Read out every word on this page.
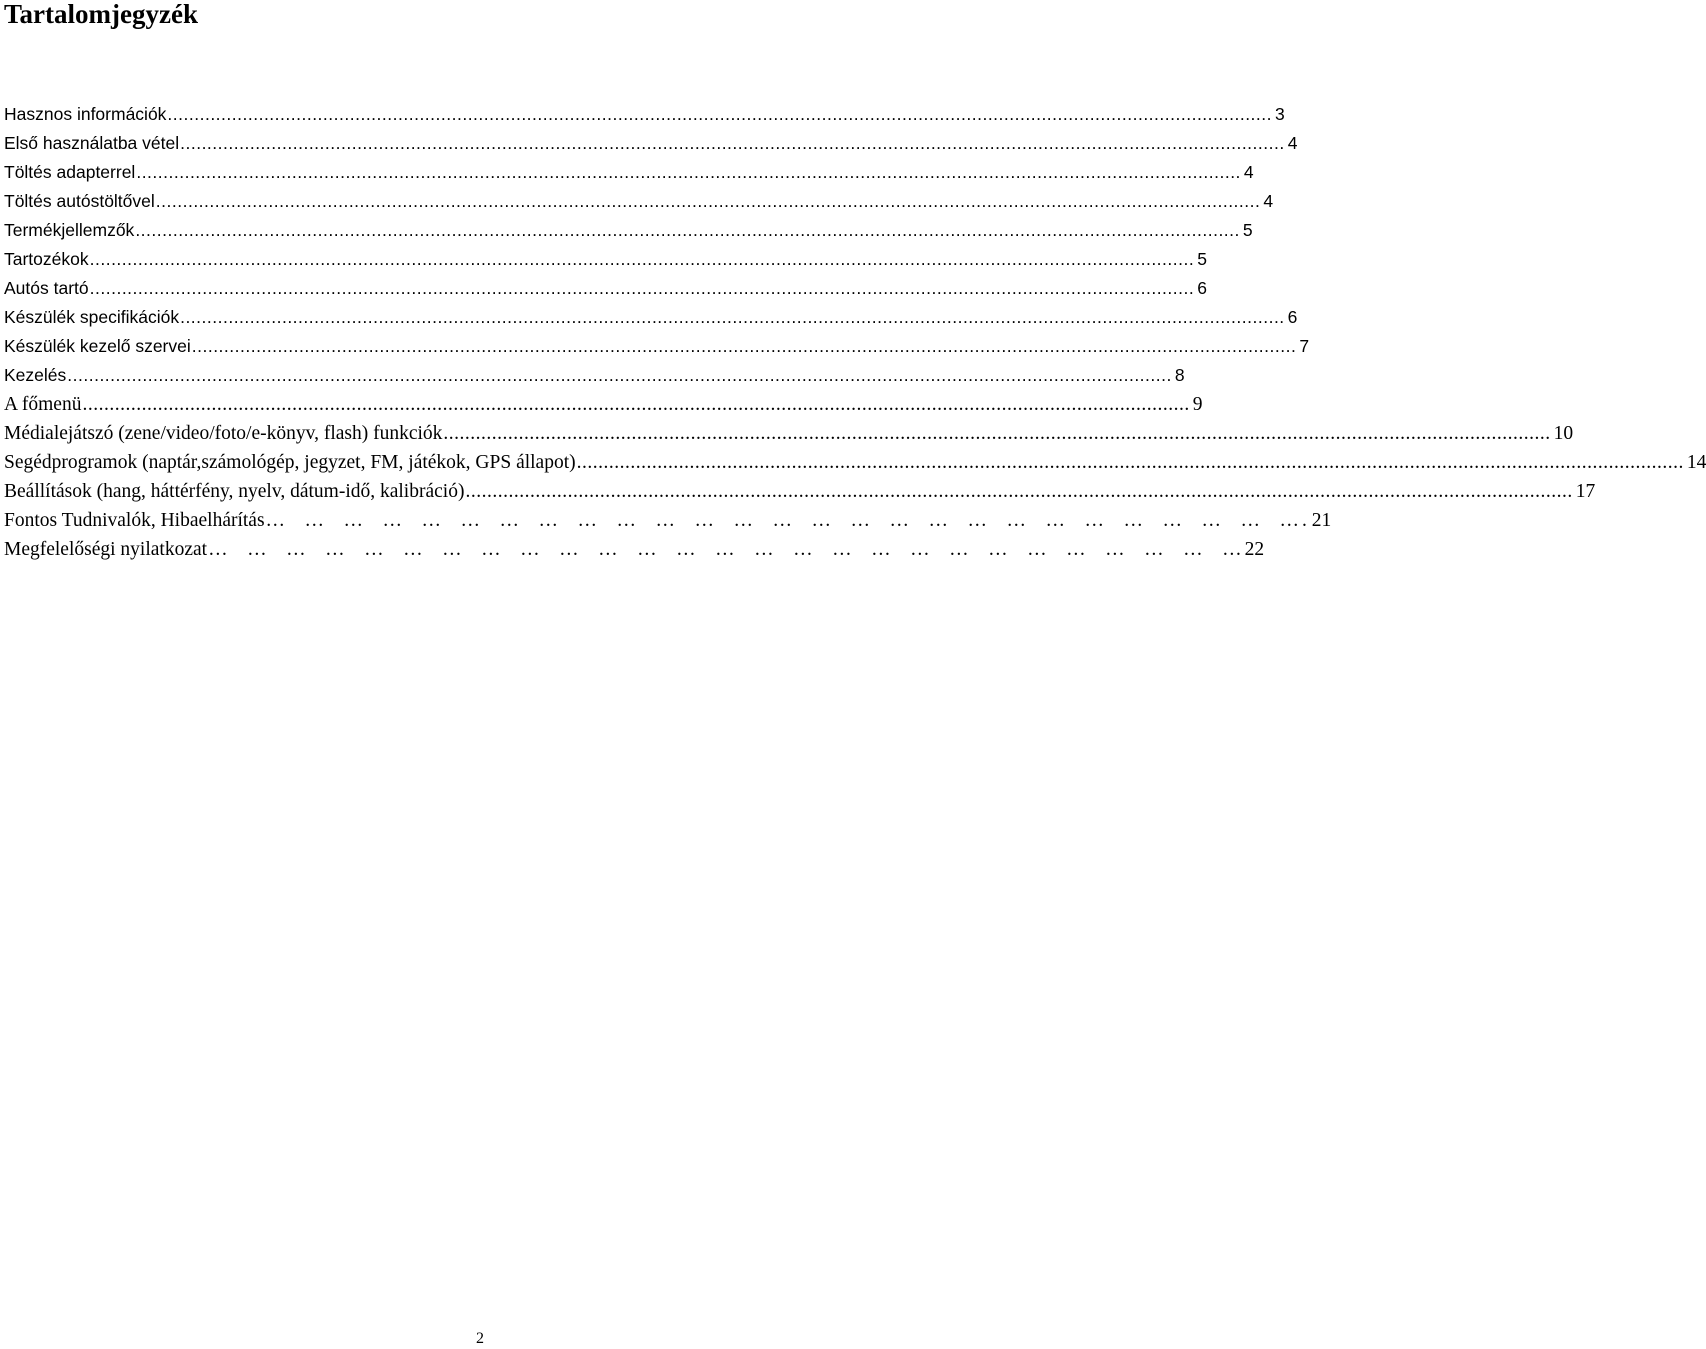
Tartalomjegyzék
Hasznos információk .....	3
Első használatba vétel .....	4
Töltés adapterrel .....	4
Töltés autóstöltővel .....	4
Termékjellemzők .....	5
Tartozékok .....	5
Autós tartó .....	6
Készülék specifikációk .....	6
Készülék kezelő szervei .....	7
Kezelés .....	8
A főmenü .....	9
Médialejátszó (zene/video/foto/e-könyv, flash) funkciók .....	10
Segédprogramok (naptár,számológép, jegyzet, FM, játékok, GPS állapot) .....	14
Beállítások (hang, háttérfény, nyelv, dátum-idő, kalibráció) .....	17
Fontos Tudnivalók, Hibaelhárítás … … … … … … … … … … … … … … … … … … … … … … … … … … …	. 21
Megfelelőségi nyilatkozat … … … … … … … … … … … … … … … … … … … … … … … … … … …	22
2
